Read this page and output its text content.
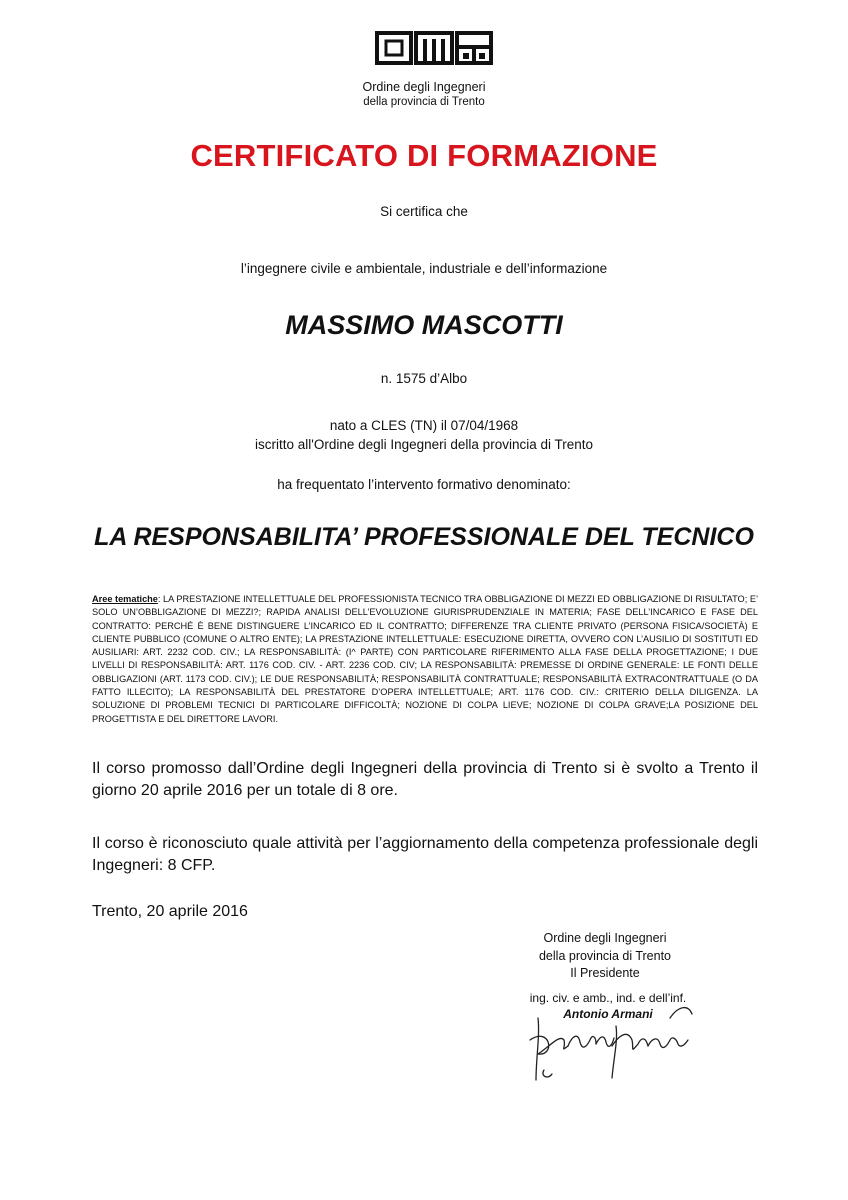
Ordine degli Ingegneri
della provincia di Trento
CERTIFICATO DI FORMAZIONE
Si certifica che
l’ingegnere civile e ambientale, industriale e dell’informazione
MASSIMO MASCOTTI
n. 1575 d’Albo
nato a CLES (TN) il 07/04/1968
iscritto all'Ordine degli Ingegneri della provincia di Trento
ha frequentato l’intervento formativo denominato:
LA RESPONSABILITA’ PROFESSIONALE DEL TECNICO
Aree tematiche: LA PRESTAZIONE INTELLETTUALE DEL PROFESSIONISTA TECNICO TRA OBBLIGAZIONE DI MEZZI ED OBBLIGAZIONE DI RISULTATO; E’ SOLO UN’OBBLIGAZIONE DI MEZZI?; RAPIDA ANALISI DELL’EVOLUZIONE GIURISPRUDENZIALE IN MATERIA; FASE DELL’INCARICO E FASE DEL CONTRATTO: PERCHÉ È BENE DISTINGUERE L’INCARICO ED IL CONTRATTO; DIFFERENZE TRA CLIENTE PRIVATO (PERSONA FISICA/SOCIETÀ) E CLIENTE PUBBLICO (COMUNE O ALTRO ENTE); LA PRESTAZIONE INTELLETTUALE: ESECUZIONE DIRETTA, OVVERO CON L’AUSILIO DI SOSTITUTI ED AUSILIARI: ART. 2232 COD. CIV.; LA RESPONSABILITÀ: (I^ PARTE) CON PARTICOLARE RIFERIMENTO ALLA FASE DELLA PROGETTAZIONE; I DUE LIVELLI DI RESPONSABILITÀ: ART. 1176 COD. CIV. - ART. 2236 COD. CIV; LA RESPONSABILITÀ: PREMESSE DI ORDINE GENERALE: LE FONTI DELLE OBBLIGAZIONI (ART. 1173 COD. CIV.); LE DUE RESPONSABILITÀ; RESPONSABILITÀ CONTRATTUALE; RESPONSABILITÀ EXTRACONTRATTUALE (O DA FATTO ILLECITO); LA RESPONSABILITÀ DEL PRESTATORE D’OPERA INTELLETTUALE; ART. 1176 COD. CIV.: CRITERIO DELLA DILIGENZA. LA SOLUZIONE DI PROBLEMI TECNICI DI PARTICOLARE DIFFICOLTÀ; NOZIONE DI COLPA LIEVE; NOZIONE DI COLPA GRAVE;LA POSIZIONE DEL PROGETTISTA E DEL DIRETTORE LAVORI.
Il corso promosso dall’Ordine degli Ingegneri della provincia di Trento si è svolto a Trento il giorno 20 aprile 2016 per un totale di 8 ore.
Il corso è riconosciuto quale attività per l’aggiornamento della competenza professionale degli Ingegneri: 8 CFP.
Trento, 20 aprile 2016
Ordine degli Ingegneri
della provincia di Trento
Il Presidente
ing. civ. e amb., ind. e dell’inf.
Antonio Armani
